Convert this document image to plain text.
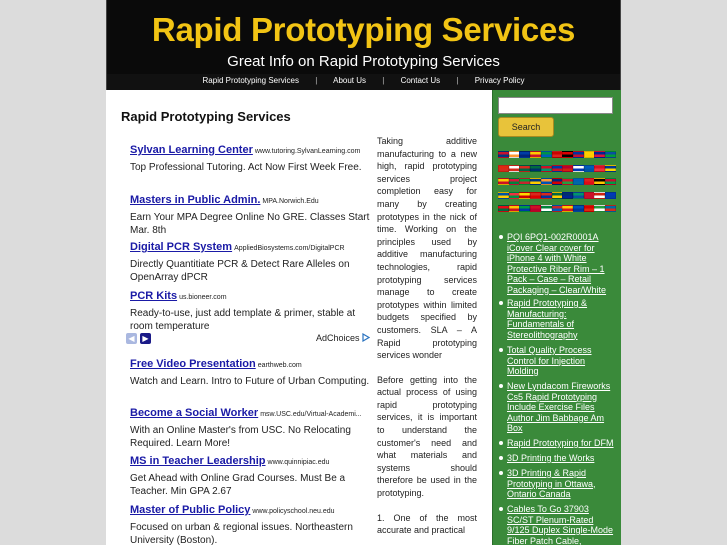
Rapid Prototyping Services
Great Info on Rapid Prototyping Services
Rapid Prototyping Services | About Us | Contact Us | Privacy Policy
Rapid Prototyping Services
Sylvan Learning Center www.tutoring.SylvanLearning.com
Top Professional Tutoring. Act Now First Week Free.
Masters in Public Admin. MPA.Norwich.Edu
Earn Your MPA Degree Online No GRE. Classes Start Mar. 8th
Digital PCR System AppliedBiosystems.com/DigitalPCR
Directly Quantitiate PCR & Detect Rare Alleles on OpenArray dPCR
PCR Kits us.bioneer.com
Ready-to-use, just add template & primer, stable at room temperature
Free Video Presentation earthweb.com
Watch and Learn. Intro to Future of Urban Computing.
Become a Social Worker msw.USC.edu/Virtual-Academi...
With an Online Master's from USC. No Relocating Required. Learn More!
MS in Teacher Leadership www.quinnipiac.edu
Get Ahead with Online Grad Courses. Must Be a Teacher. Min GPA 2.67
Master of Public Policy www.policyschool.neu.edu
Focused on urban & regional issues. Northeastern University (Boston).
◀ ▶	AdChoices

Taking additive manufacturing to a new high, rapid prototyping services project completion easy for many by creating prototypes in the nick of time. Working on the principles used by additive manufacturing technologies, rapid prototyping services manage to create prototypes within limited budgets specified by customers. SLA – A Rapid prototyping services wonder

Before getting into the actual process of using rapid prototyping services, it is important to understand the customer's need and what materials and systems should therefore be used in the prototyping.

1. One of the most accurate and practical

Search
PQI 6PQ1-002R0001A iCover Clear cover for iPhone 4 with White Protective Riber Rim – 1 Pack – Case – Retail Packaging – Clear/White
Rapid Prototyping & Manufacturing: Fundamentals of Stereolithography
Total Quality Process Control for Injection Molding
New Lyndacom Fireworks Cs5 Rapid Prototyping Include Exercise Files Author Jim Babbage Am Box
Rapid Prototyping for DFM
3D Printing the Works
3D Printing & Rapid Prototyping in Ottawa, Ontario Canada
Cables To Go 37903 SC/ST Plenum-Rated 9/125 Duplex Single-Mode Fiber Patch Cable,
